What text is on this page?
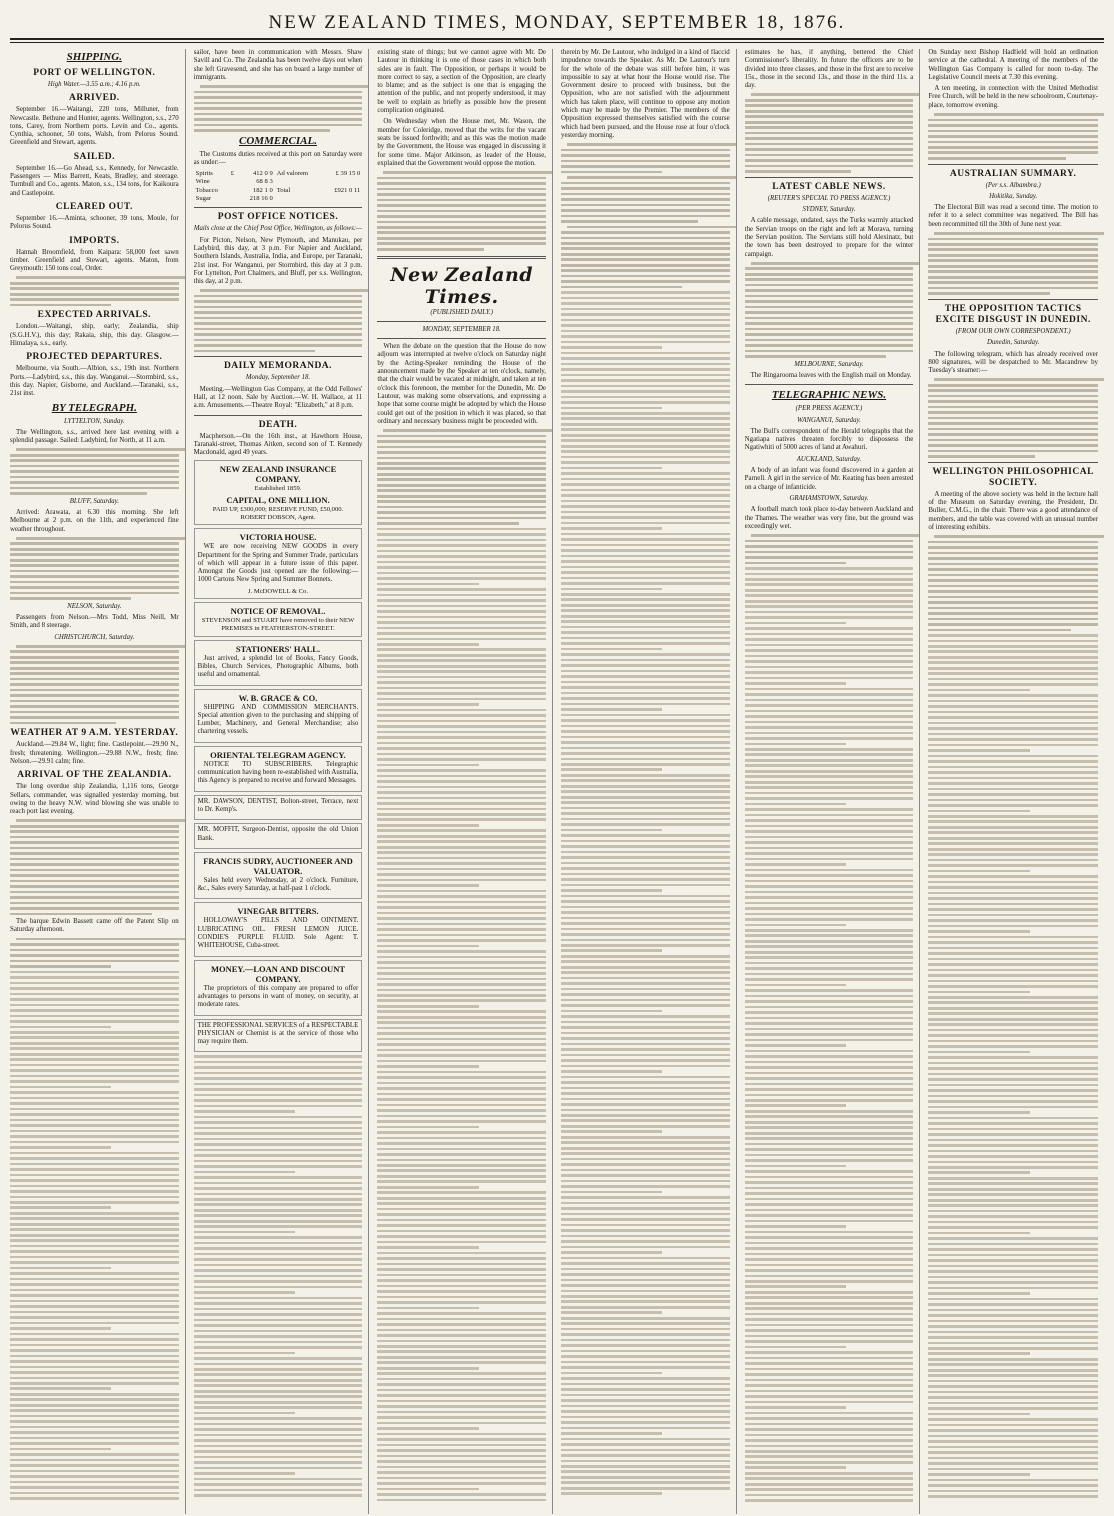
NEW ZEALAND TIMES, MONDAY, SEPTEMBER 18, 1876.
SHIPPING.
PORT OF WELLINGTON.
High Water.—3.55 a.m.; 4.16 p.m.
ARRIVED.

September 16.—Waitangi, 220 tons, Milluner, from Newcastle. Bethune and Hunter, agents. Wellington, s.s., 270 tons, Carey, from Northern ports. Levin and Co., agents. Cynthia, schooner, 50 tons, Walsh, from Pelorus Sound. Greenfield and Stewart, agents.

SAILED.

September 16.—Go Ahead, s.s., Kennedy, for Newcastle. Passengers — Miss Barrett, Keats, Bradley, and steerage. Turnbull and Co., agents. Maton, s.s., 134 tons, for Kaikoura and Castlepoint.

CLEARED OUT.

September 16.—Aminta, schooner, 39 tons, Moule, for Pelorus Sound.

IMPORTS.

Hannah Broomfield, from Kaipara: 58,000 feet sawn timber. Greenfield and Stewart, agents. Maton, from Greymouth: 150 tons coal, Order.

EXPECTED ARRIVALS.

London.—Waitangi, ship, early; Zealandia, ship (S.G.H.V.), this day; Rakaia, ship, this day. Glasgow.—Himalaya, s.s., early.

PROJECTED DEPARTURES.

Melbourne, via South.—Albion, s.s., 19th inst. Northern Ports.—Ladybird, s.s., this day. Wanganui.—Stormbird, s.s., this day. Napier, Gisborne, and Auckland.—Taranaki, s.s., 21st inst.

BY TELEGRAPH.
LYTTELTON, Sunday.

The Wellington, s.s., arrived here last evening with a splendid passage. Sailed: Ladybird, for North, at 11 a.m.

BLUFF, Saturday.

Arrived: Arawata, at 6.30 this morning. She left Melbourne at 2 p.m. on the 11th, and experienced fine weather throughout.

NELSON, Saturday.

Passengers from Nelson.—Mrs Todd, Miss Neill, Mr Smith, and 8 steerage.

CHRISTCHURCH, Saturday.
WEATHER AT 9 A.M. YESTERDAY.

Auckland.—29.84 W., light; fine. Castlepoint.—29.90 N., fresh; threatening. Wellington.—29.88 N.W., fresh; fine. Nelson.—29.91 calm; fine.

ARRIVAL OF THE ZEALANDIA.

The long overdue ship Zealandia, 1,116 tons, George Sellars, commander, was signalled yesterday morning, but owing to the heavy N.W. wind blowing she was unable to reach port last evening.

The barque Edwin Bassett came off the Patent Slip on Saturday afternoon.

sailor, have been in communication with Messrs. Shaw Savill and Co. The Zealandia has been twelve days out when she left Gravesend, and she has on board a large number of immigrants.

COMMERCIAL.

The Customs duties received at this port on Saturday were as under:—

Spirits	£	412 0 9	Ad valorem	£ 39 15 0
Wine		68 8 3		
Tobacco		182 1 0	Total	£921 0 11
Sugar		218 16 0		
POST OFFICE NOTICES.
Mails close at the Chief Post Office, Wellington, as follows:—

For Picton, Nelson, New Plymouth, and Manukau, per Ladybird, this day, at 3 p.m. For Napier and Auckland, Southern Islands, Australia, India, and Europe, per Taranaki, 21st inst. For Wanganui, per Stormbird, this day at 3 p.m. For Lyttelton, Port Chalmers, and Bluff, per s.s. Wellington, this day, at 2 p.m.

DAILY MEMORANDA.
Monday, September 18.

Meeting.—Wellington Gas Company, at the Odd Fellows' Hall, at 12 noon. Sale by Auction.—W. H. Wallace, at 11 a.m. Amusements.—Theatre Royal: "Elizabeth," at 8 p.m.

DEATH.

Macpherson.—On the 16th inst., at Hawthorn House, Taranaki-street, Thomas Aitken, second son of T. Kennedy Macdonald, aged 49 years.

NEW ZEALAND INSURANCE COMPANY.
Established 1859.
CAPITAL, ONE MILLION.
PAID UP, £300,000; RESERVE FUND, £50,000.
ROBERT DOBSON, Agent.
VICTORIA HOUSE.

WE are now receiving NEW GOODS in every Department for the Spring and Summer Trade, particulars of which will appear in a future issue of this paper. Amongst the Goods just opened are the following:— 1000 Cartons New Spring and Summer Bonnets.

J. McDOWELL & Co.
NOTICE OF REMOVAL.
STEVENSON and STUART have removed to their NEW PREMISES in FEATHERSTON-STREET.
STATIONERS' HALL.

Just arrived, a splendid lot of Books, Fancy Goods, Bibles, Church Services, Photographic Albums, both useful and ornamental.

W. B. GRACE & CO.

SHIPPING AND COMMISSION MERCHANTS. Special attention given to the purchasing and shipping of Lumber, Machinery, and General Merchandise; also chartering vessels.

ORIENTAL TELEGRAM AGENCY.

NOTICE TO SUBSCRIBERS. Telegraphic communication having been re-established with Australia, this Agency is prepared to receive and forward Messages.

MR. DAWSON, DENTIST, Bolton-street, Terrace, next to Dr. Kemp's.

MR. MOFFIT, Surgeon-Dentist, opposite the old Union Bank.

FRANCIS SUDRY, AUCTIONEER AND VALUATOR.

Sales held every Wednesday, at 2 o'clock. Furniture, &c., Sales every Saturday, at half-past 1 o'clock.

VINEGAR BITTERS.

HOLLOWAY'S PILLS AND OINTMENT. LUBRICATING OIL. FRESH LEMON JUICE. CONDIE'S PURPLE FLUID. Sole Agent: T. WHITEHOUSE, Cuba-street.

MONEY.—LOAN AND DISCOUNT COMPANY.

The proprietors of this company are prepared to offer advantages to persons in want of money, on security, at moderate rates.

THE PROFESSIONAL SERVICES of a RESPECTABLE PHYSICIAN or Chemist is at the service of those who may require them.

existing state of things; but we cannot agree with Mr. De Lautour in thinking it is one of those cases in which both sides are in fault. The Opposition, or perhaps it would be more correct to say, a section of the Opposition, are clearly to blame; and as the subject is one that is engaging the attention of the public, and not properly understood, it may be well to explain as briefly as possible how the present complication originated.

On Wednesday when the House met, Mr. Wason, the member for Coleridge, moved that the writs for the vacant seats be issued forthwith; and as this was the motion made by the Government, the House was engaged in discussing it for some time. Major Atkinson, as leader of the House, explained that the Government would oppose the motion.

New Zealand Times.
(PUBLISHED DAILY.)
MONDAY, SEPTEMBER 18.

When the debate on the question that the House do now adjourn was interrupted at twelve o'clock on Saturday night by the Acting-Speaker reminding the House of the announcement made by the Speaker at ten o'clock, namely, that the chair would be vacated at midnight, and taken at ten o'clock this forenoon, the member for the Dunedin, Mr. De Lautour, was making some observations, and expressing a hope that some course might be adopted by which the House could get out of the position in which it was placed, so that ordinary and necessary business might be proceeded with.

therein by Mr. De Lautour, who indulged in a kind of flaccid impudence towards the Speaker. As Mr. De Lautour's turn for the whole of the debate was still before him, it was impossible to say at what hour the House would rise. The Government desire to proceed with business, but the Opposition, who are not satisfied with the adjournment which has taken place, will continue to oppose any motion which may be made by the Premier. The members of the Opposition expressed themselves satisfied with the course which had been pursued, and the House rose at four o'clock yesterday morning.

estimates he has, if anything, bettered the Chief Commissioner's liberality. In future the officers are to be divided into three classes, and those in the first are to receive 15s., those in the second 13s., and those in the third 11s. a day.

LATEST CABLE NEWS.
(REUTER'S SPECIAL TO PRESS AGENCY.)
SYDNEY, Saturday.

A cable message, undated, says the Turks warmly attacked the Servian troops on the right and left at Morava, turning the Servian position. The Servians still hold Alexinatz, but the town has been destroyed to prepare for the winter campaign.

MELBOURNE, Saturday.

The Ringarooma leaves with the English mail on Monday.

TELEGRAPHIC NEWS.
(PER PRESS AGENCY.)
WANGANUI, Saturday.

The Bull's correspondent of the Herald telegraphs that the Ngatiapa natives threaten forcibly to dispossess the Ngatiwhiti of 5000 acres of land at Awahuri.

AUCKLAND, Saturday.

A body of an infant was found discovered in a garden at Parnell. A girl in the service of Mr. Keating has been arrested on a charge of infanticide.

GRAHAMSTOWN, Saturday.

A football match took place to-day between Auckland and the Thames. The weather was very fine, but the ground was exceedingly wet.

On Sunday next Bishop Hadfield will hold an ordination service at the cathedral. A meeting of the members of the Wellington Gas Company is called for noon to-day. The Legislative Council meets at 7.30 this evening.

A ten meeting, in connection with the United Methodist Free Church, will be held in the new schoolroom, Courtenay-place, tomorrow evening.

AUSTRALIAN SUMMARY.
(Per s.s. Albambra.)
Hokitika, Sunday.

The Electoral Bill was read a second time. The motion to refer it to a select committee was negatived. The Bill has been recommitted till the 30th of June next year.

THE OPPOSITION TACTICS EXCITE DISGUST IN DUNEDIN.
(FROM OUR OWN CORRESPONDENT.)
Dunedin, Saturday.

The following telegram, which has already received over 800 signatures, will be despatched to Mr. Macandrew by Tuesday's steamer:—

WELLINGTON PHILOSOPHICAL SOCIETY.

A meeting of the above society was held in the lecture hall of the Museum on Saturday evening, the President, Dr. Buller, C.M.G., in the chair. There was a good attendance of members, and the table was covered with an unusual number of interesting exhibits.
